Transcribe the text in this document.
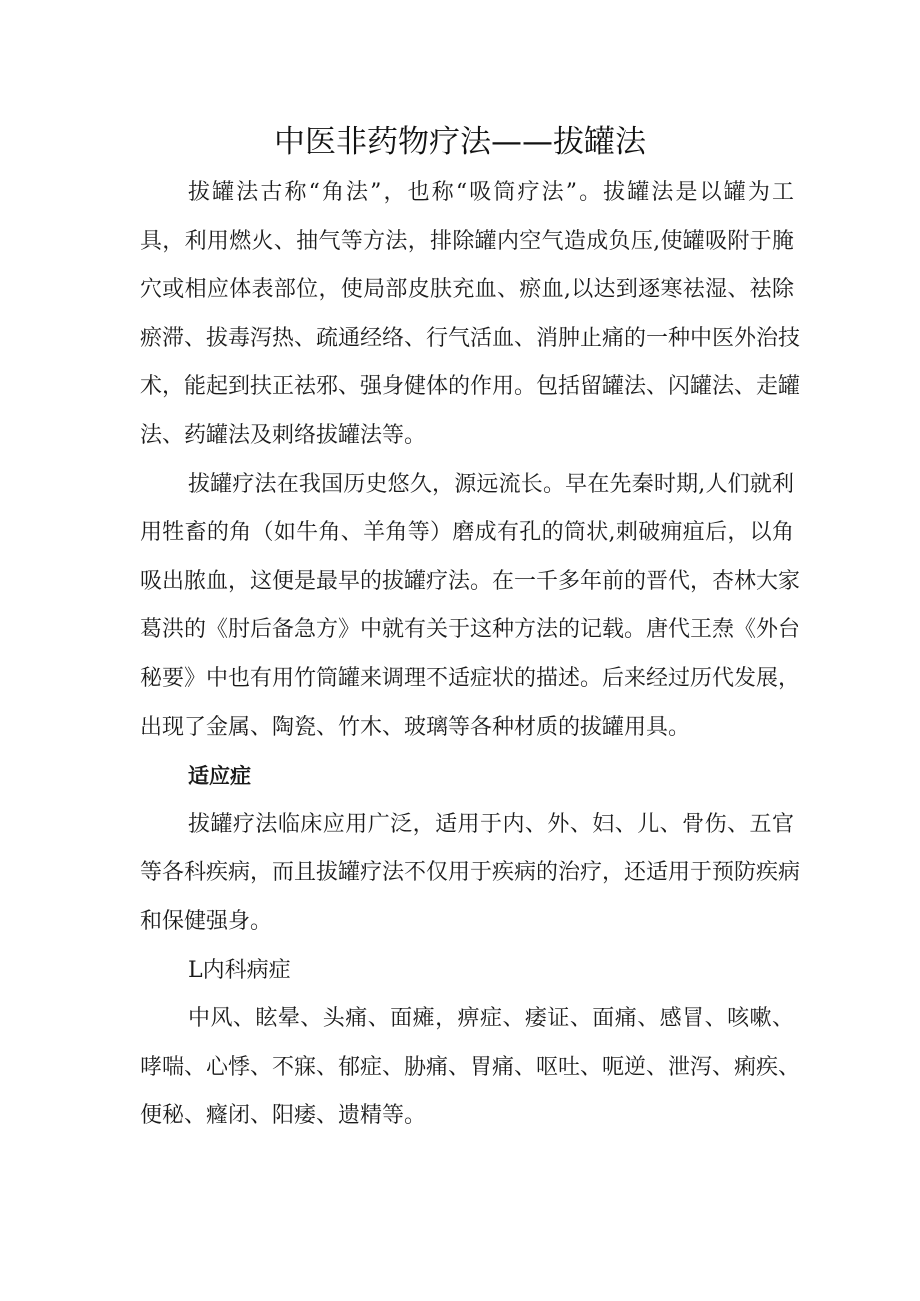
中医非药物疗法——拔罐法
拔罐法古称“角法”，也称“吸筒疗法”。拔罐法是以罐为工
具，利用燃火、抽气等方法，排除罐内空气造成负压,使罐吸附于腌
穴或相应体表部位，使局部皮肤充血、瘀血,以达到逐寒祛湿、祛除
瘀滞、拔毒泻热、疏通经络、行气活血、消肿止痛的一种中医外治技
术，能起到扶正祛邪、强身健体的作用。包括留罐法、闪罐法、走罐
法、药罐法及刺络拔罐法等。
拔罐疗法在我国历史悠久，源远流长。早在先秦时期,人们就利
用牲畜的角（如牛角、羊角等）磨成有孔的筒状,刺破痈疽后，以角
吸出脓血，这便是最早的拔罐疗法。在一千多年前的晋代，杏林大家
葛洪的《肘后备急方》中就有关于这种方法的记载。唐代王焘《外台
秘要》中也有用竹筒罐来调理不适症状的描述。后来经过历代发展，
出现了金属、陶瓷、竹木、玻璃等各种材质的拔罐用具。
适应症
拔罐疗法临床应用广泛，适用于内、外、妇、儿、骨伤、五官
等各科疾病，而且拔罐疗法不仅用于疾病的治疗，还适用于预防疾病
和保健强身。
L内科病症
中风、眩晕、头痛、面瘫，痹症、痿证、面痛、感冒、咳嗽、
哮喘、心悸、不寐、郁症、胁痛、胃痛、呕吐、呃逆、泄泻、痢疾、
便秘、癃闭、阳痿、遗精等。
